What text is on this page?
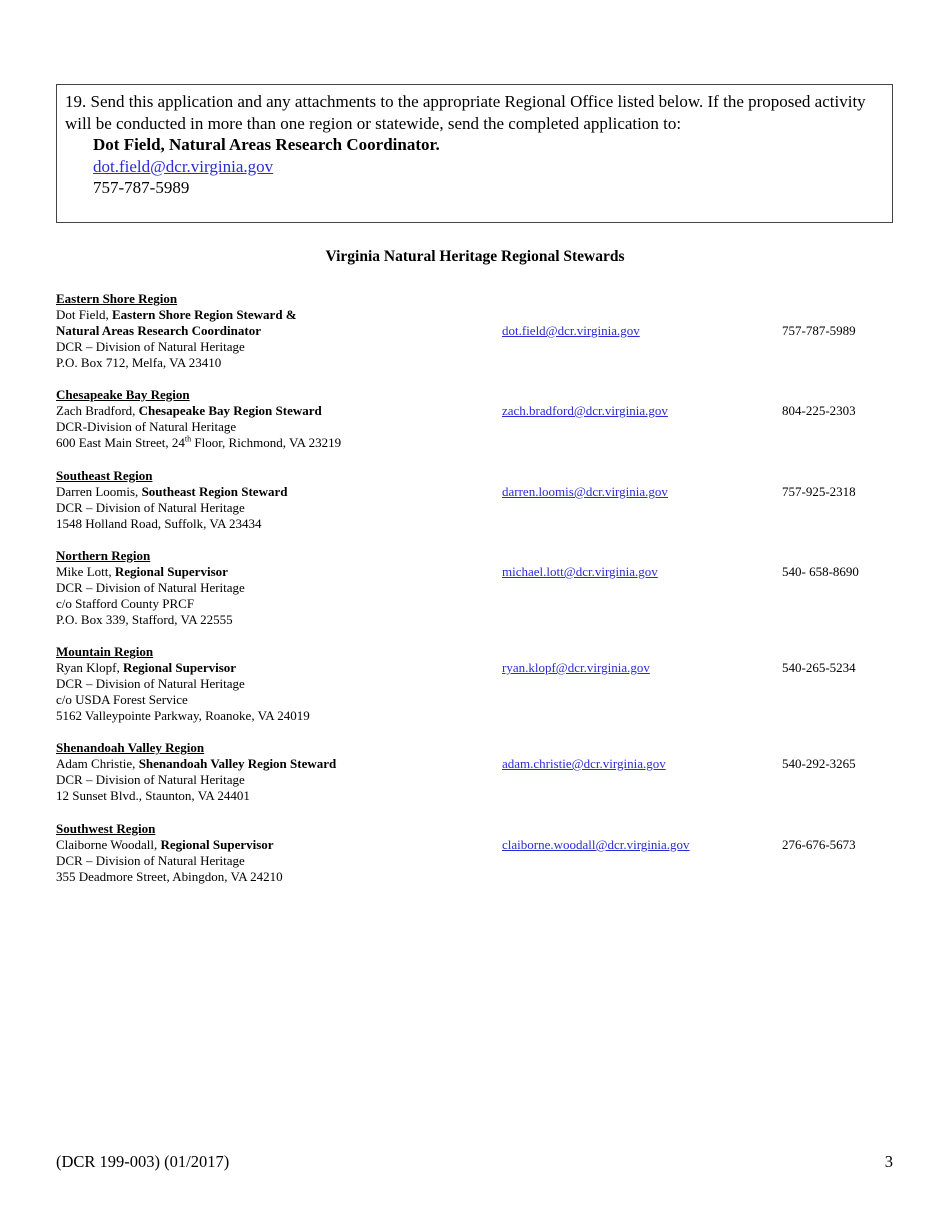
19. Send this application and any attachments to the appropriate Regional Office listed below. If the proposed activity will be conducted in more than one region or statewide, send the completed application to:
Dot Field, Natural Areas Research Coordinator.
dot.field@dcr.virginia.gov
757-787-5989
Virginia Natural Heritage Regional Stewards
Eastern Shore Region
Dot Field, Eastern Shore Region Steward &
Natural Areas Research Coordinator
DCR – Division of Natural Heritage
P.O. Box 712, Melfa, VA 23410
dot.field@dcr.virginia.gov	757-787-5989
Chesapeake Bay Region
Zach Bradford, Chesapeake Bay Region Steward
DCR-Division of Natural Heritage
600 East Main Street, 24th Floor, Richmond, VA 23219
zach.bradford@dcr.virginia.gov	804-225-2303
Southeast Region
Darren Loomis, Southeast Region Steward
DCR – Division of Natural Heritage
1548 Holland Road, Suffolk, VA 23434
darren.loomis@dcr.virginia.gov	757-925-2318
Northern Region
Mike Lott, Regional Supervisor
DCR – Division of Natural Heritage
c/o Stafford County PRCF
P.O. Box 339, Stafford, VA 22555
michael.lott@dcr.virginia.gov	540- 658-8690
Mountain Region
Ryan Klopf, Regional Supervisor
DCR – Division of Natural Heritage
c/o USDA Forest Service
5162 Valleypointe Parkway, Roanoke, VA 24019
ryan.klopf@dcr.virginia.gov	540-265-5234
Shenandoah Valley Region
Adam Christie, Shenandoah Valley Region Steward
DCR – Division of Natural Heritage
12 Sunset Blvd., Staunton, VA 24401
adam.christie@dcr.virginia.gov	540-292-3265
Southwest Region
Claiborne Woodall, Regional Supervisor
DCR – Division of Natural Heritage
355 Deadmore Street, Abingdon, VA 24210
claiborne.woodall@dcr.virginia.gov	276-676-5673
(DCR 199-003) (01/2017)	3
